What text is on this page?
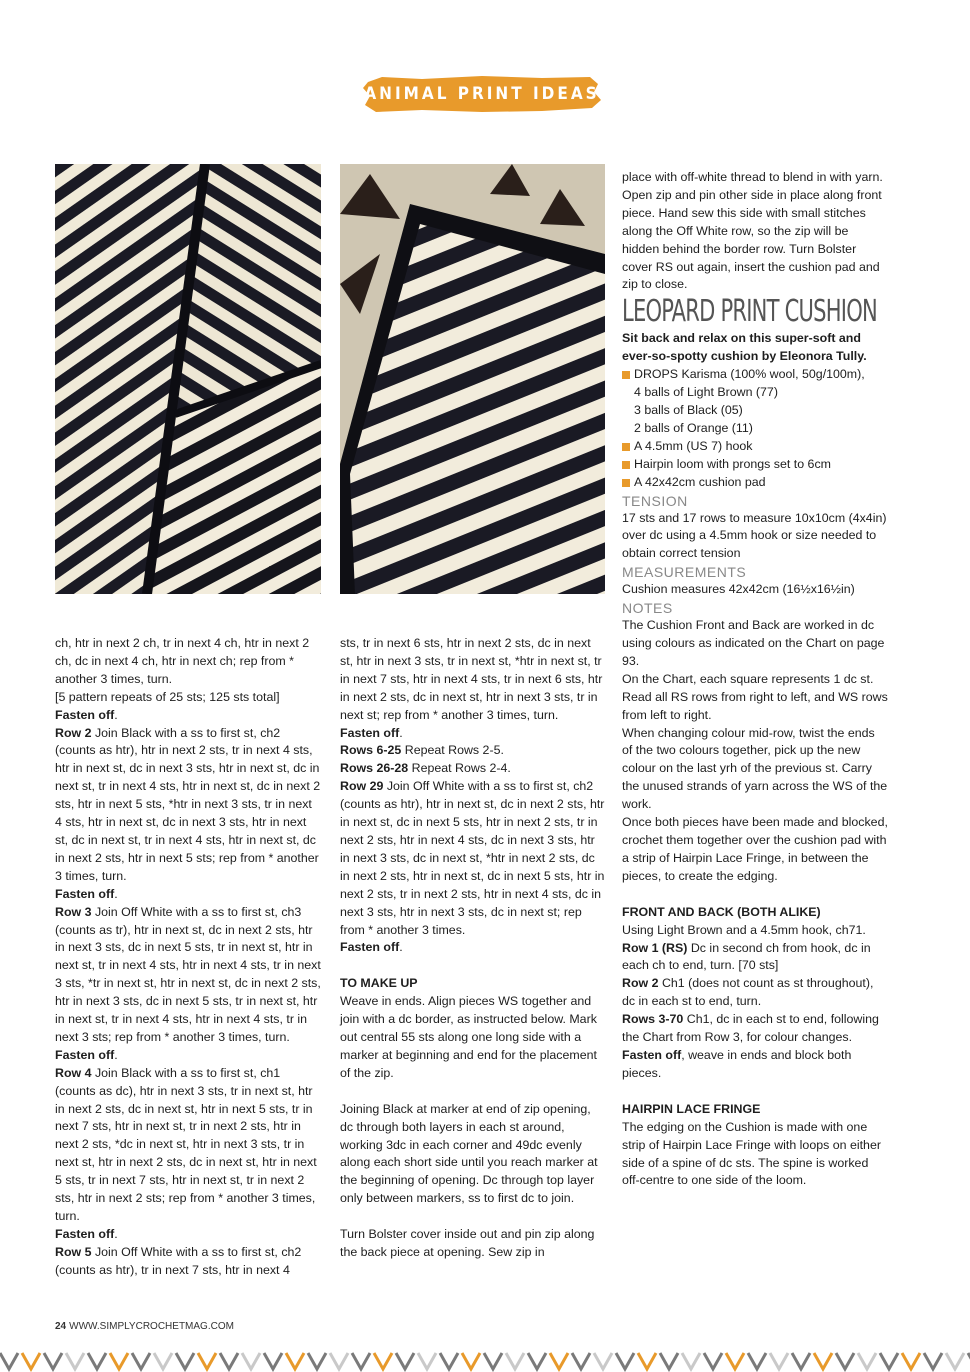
ANIMAL PRINT IDEAS

ch, htr in next 2 ch, tr in next 4 ch, htr in next 2 ch, dc in next 4 ch, htr in next ch; rep from * another 3 times, turn.

[5 pattern repeats of 25 sts; 125 sts total]

Fasten off.

Row 2 Join Black with a ss to first st, ch2 (counts as htr), htr in next 2 sts, tr in next 4 sts, htr in next st, dc in next 3 sts, htr in next st, dc in next st, tr in next 4 sts, htr in next st, dc in next 2 sts, htr in next 5 sts, *htr in next 3 sts, tr in next 4 sts, htr in next st, dc in next 3 sts, htr in next st, dc in next st, tr in next 4 sts, htr in next st, dc in next 2 sts, htr in next 5 sts; rep from * another 3 times, turn.

Fasten off.

Row 3 Join Off White with a ss to first st, ch3 (counts as tr), htr in next st, dc in next 2 sts, htr in next 3 sts, dc in next 5 sts, tr in next st, htr in next st, tr in next 4 sts, htr in next 4 sts, tr in next 3 sts, *tr in next st, htr in next st, dc in next 2 sts, htr in next 3 sts, dc in next 5 sts, tr in next st, htr in next st, tr in next 4 sts, htr in next 4 sts, tr in next 3 sts; rep from * another 3 times, turn.

Fasten off.

Row 4 Join Black with a ss to first st, ch1 (counts as dc), htr in next 3 sts, tr in next st, htr in next 2 sts, dc in next st, htr in next 5 sts, tr in next 7 sts, htr in next st, tr in next 2 sts, htr in next 2 sts, *dc in next st, htr in next 3 sts, tr in next st, htr in next 2 sts, dc in next st, htr in next 5 sts, tr in next 7 sts, htr in next st, tr in next 2 sts, htr in next 2 sts; rep from * another 3 times, turn.

Fasten off.

Row 5 Join Off White with a ss to first st, ch2 (counts as htr), tr in next 7 sts, htr in next 4

sts, tr in next 6 sts, htr in next 2 sts, dc in next st, htr in next 3 sts, tr in next st, *htr in next st, tr in next 7 sts, htr in next 4 sts, tr in next 6 sts, htr in next 2 sts, dc in next st, htr in next 3 sts, tr in next st; rep from * another 3 times, turn.

Fasten off.

Rows 6-25 Repeat Rows 2-5.

Rows 26-28 Repeat Rows 2-4.

Row 29 Join Off White with a ss to first st, ch2 (counts as htr), htr in next st, dc in next 2 sts, htr in next st, dc in next 5 sts, htr in next 2 sts, tr in next 2 sts, htr in next 4 sts, dc in next 3 sts, htr in next 3 sts, dc in next st, *htr in next 2 sts, dc in next 2 sts, htr in next st, dc in next 5 sts, htr in next 2 sts, tr in next 2 sts, htr in next 4 sts, dc in next 3 sts, htr in next 3 sts, dc in next st; rep from * another 3 times.

Fasten off.

TO MAKE UP

Weave in ends. Align pieces WS together and join with a dc border, as instructed below. Mark out central 55 sts along one long side with a marker at beginning and end for the placement of the zip.

Joining Black at marker at end of zip opening, dc through both layers in each st around, working 3dc in each corner and 49dc evenly along each short side until you reach marker at the beginning of opening. Dc through top layer only between markers, ss to first dc to join.

Turn Bolster cover inside out and pin zip along the back piece at opening. Sew zip in

place with off-white thread to blend in with yarn. Open zip and pin other side in place along front piece. Hand sew this side with small stitches along the Off White row, so the zip will be hidden behind the border row. Turn Bolster cover RS out again, insert the cushion pad and zip to close.

LEOPARD PRINT CUSHION

Sit back and relax on this super-soft and ever-so-spotty cushion by Eleonora Tully.

DROPS Karisma (100% wool, 50g/100m),
4 balls of Light Brown (77)
3 balls of Black (05)
2 balls of Orange (11)
A 4.5mm (US 7) hook
Hairpin loom with prongs set to 6cm
A 42x42cm cushion pad

TENSION

17 sts and 17 rows to measure 10x10cm (4x4in) over dc using a 4.5mm hook or size needed to obtain correct tension

MEASUREMENTS

Cushion measures 42x42cm (16½x16½in)

NOTES

The Cushion Front and Back are worked in dc using colours as indicated on the Chart on page 93.

On the Chart, each square represents 1 dc st. Read all RS rows from right to left, and WS rows from left to right.

When changing colour mid-row, twist the ends of the two colours together, pick up the new colour on the last yrh of the previous st. Carry the unused strands of yarn across the WS of the work.

Once both pieces have been made and blocked, crochet them together over the cushion pad with a strip of Hairpin Lace Fringe, in between the pieces, to create the edging.

FRONT AND BACK (BOTH ALIKE)

Using Light Brown and a 4.5mm hook, ch71.

Row 1 (RS) Dc in second ch from hook, dc in each ch to end, turn. [70 sts]

Row 2 Ch1 (does not count as st throughout), dc in each st to end, turn.

Rows 3-70 Ch1, dc in each st to end, following the Chart from Row 3, for colour changes.

Fasten off, weave in ends and block both pieces.

HAIRPIN LACE FRINGE

The edging on the Cushion is made with one strip of Hairpin Lace Fringe with loops on either side of a spine of dc sts. The spine is worked off-centre to one side of the loom.

24 WWW.SIMPLYCROCHETMAG.COM
